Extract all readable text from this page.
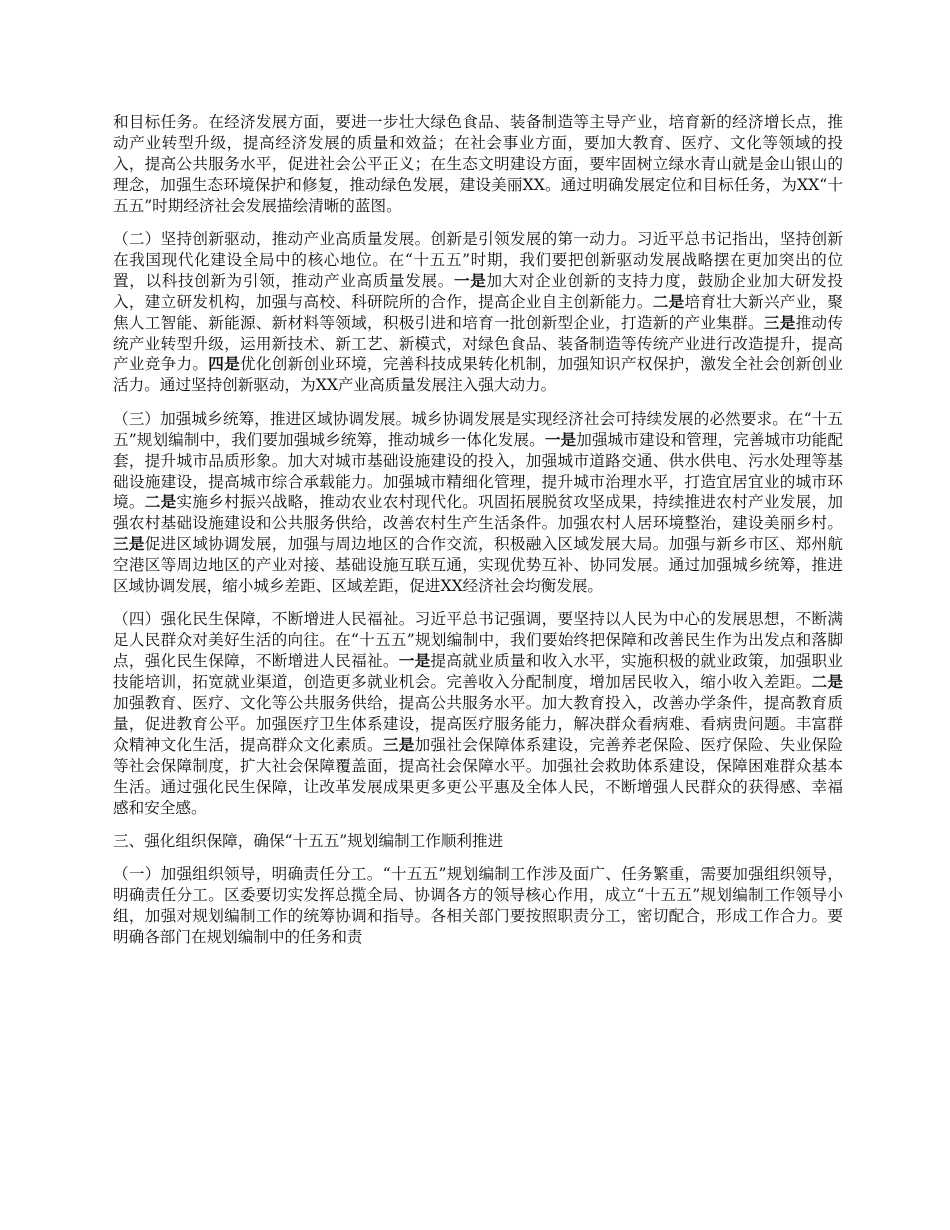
和目标任务。在经济发展方面，要进一步壮大绿色食品、装备制造等主导产业，培育新的经济增长点，推动产业转型升级，提高经济发展的质量和效益；在社会事业方面，要加大教育、医疗、文化等领域的投入，提高公共服务水平，促进社会公平正义；在生态文明建设方面，要牢固树立绿水青山就是金山银山的理念，加强生态环境保护和修复，推动绿色发展，建设美丽XX。通过明确发展定位和目标任务，为XX“十五五”时期经济社会发展描绘清晰的蓝图。

（二）坚持创新驱动，推动产业高质量发展。创新是引领发展的第一动力。习近平总书记指出，坚持创新在我国现代化建设全局中的核心地位。在“十五五”时期，我们要把创新驱动发展战略摆在更加突出的位置，以科技创新为引领，推动产业高质量发展。一是加大对企业创新的支持力度，鼓励企业加大研发投入，建立研发机构，加强与高校、科研院所的合作，提高企业自主创新能力。二是培育壮大新兴产业，聚焦人工智能、新能源、新材料等领域，积极引进和培育一批创新型企业，打造新的产业集群。三是推动传统产业转型升级，运用新技术、新工艺、新模式，对绿色食品、装备制造等传统产业进行改造提升，提高产业竞争力。四是优化创新创业环境，完善科技成果转化机制，加强知识产权保护，激发全社会创新创业活力。通过坚持创新驱动，为XX产业高质量发展注入强大动力。

（三）加强城乡统筹，推进区域协调发展。城乡协调发展是实现经济社会可持续发展的必然要求。在“十五五”规划编制中，我们要加强城乡统筹，推动城乡一体化发展。一是加强城市建设和管理，完善城市功能配套，提升城市品质形象。加大对城市基础设施建设的投入，加强城市道路交通、供水供电、污水处理等基础设施建设，提高城市综合承载能力。加强城市精细化管理，提升城市治理水平，打造宜居宜业的城市环境。二是实施乡村振兴战略，推动农业农村现代化。巩固拓展脱贫攻坚成果，持续推进农村产业发展，加强农村基础设施建设和公共服务供给，改善农村生产生活条件。加强农村人居环境整治，建设美丽乡村。三是促进区域协调发展，加强与周边地区的合作交流，积极融入区域发展大局。加强与新乡市区、郑州航空港区等周边地区的产业对接、基础设施互联互通，实现优势互补、协同发展。通过加强城乡统筹，推进区域协调发展，缩小城乡差距、区域差距，促进XX经济社会均衡发展。

（四）强化民生保障，不断增进人民福祉。习近平总书记强调，要坚持以人民为中心的发展思想，不断满足人民群众对美好生活的向往。在“十五五”规划编制中，我们要始终把保障和改善民生作为出发点和落脚点，强化民生保障，不断增进人民福祉。一是提高就业质量和收入水平，实施积极的就业政策，加强职业技能培训，拓宽就业渠道，创造更多就业机会。完善收入分配制度，增加居民收入，缩小收入差距。二是加强教育、医疗、文化等公共服务供给，提高公共服务水平。加大教育投入，改善办学条件，提高教育质量，促进教育公平。加强医疗卫生体系建设，提高医疗服务能力，解决群众看病难、看病贵问题。丰富群众精神文化生活，提高群众文化素质。三是加强社会保障体系建设，完善养老保险、医疗保险、失业保险等社会保障制度，扩大社会保障覆盖面，提高社会保障水平。加强社会救助体系建设，保障困难群众基本生活。通过强化民生保障，让改革发展成果更多更公平惠及全体人民，不断增强人民群众的获得感、幸福感和安全感。

三、强化组织保障，确保“十五五”规划编制工作顺利推进

（一）加强组织领导，明确责任分工。“十五五”规划编制工作涉及面广、任务繁重，需要加强组织领导，明确责任分工。区委要切实发挥总揽全局、协调各方的领导核心作用，成立“十五五”规划编制工作领导小组，加强对规划编制工作的统筹协调和指导。各相关部门要按照职责分工，密切配合，形成工作合力。要明确各部门在规划编制中的任务和责
